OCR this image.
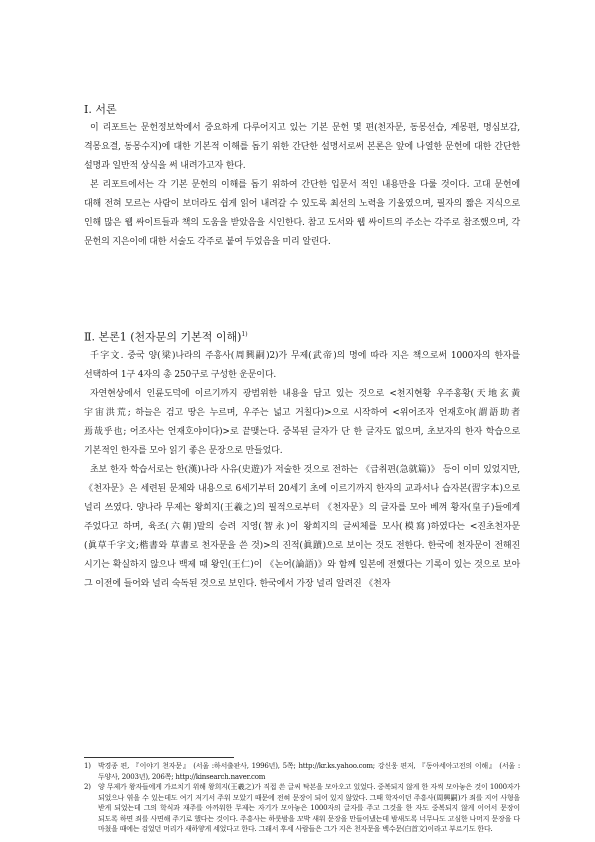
Ⅰ. 서론

이 리포트는 문헌정보학에서 중요하게 다루어지고 있는 기본 문헌 몇 편(천자문, 동몽선습, 계몽편, 명심보감, 격몽요결, 동몽수지)에 대한 기본적 이해를 돕기 위한 간단한 설명서로써 본론은 앞에 나열한 문헌에 대한 간단한 설명과 일반적 상식을 써 내려가고자 한다.

본 리포트에서는 각 기본 문헌의 이해를 돕기 위하여 간단한 입문서 적인 내용만을 다룰 것이다. 고대 문헌에 대해 전혀 모르는 사람이 보더라도 쉽게 읽어 내려갈 수 있도록 최선의 노력을 기울였으며, 필자의 짧은 지식으로 인해 많은 웹 싸이트들과 책의 도움을 받았음을 시인한다. 참고 도서와 웹 싸이트의 주소는 각주로 참조했으며, 각 문헌의 지은이에 대한 서술도 각주로 붙여 두었음을 미리 알린다.

Ⅱ. 본론1 (천자문의 기본적 이해)$^{1)}$

千字文. 중국 양(梁)나라의 주흥사(周興嗣)2)가 무제(武帝)의 명에 따라 지은 책으로써 1000자의 한자를 선택하여 1구 4자의 총 250구로 구성한 운문이다.

자연현상에서 인륜도덕에 이르기까지 광범위한 내용을 담고 있는 것으로 <천지현황 우주홍황(天地玄黃 宇宙洪荒; 하늘은 검고 땅은 누르며, 우주는 넓고 거칠다)>으로 시작하여 <위어조자 언재호야(謂語助者 焉哉乎也; 어조사는 언재호야이다)>로 끝맺는다. 중복된 글자가 단 한 글자도 없으며, 초보자의 한자 학습으로 기본적인 한자를 모아 읽기 좋은 문장으로 만들었다.

초보 한자 학습서로는 한(漢)나라 사유(史遊)가 저술한 것으로 전하는 《급취편(急就篇)》 등이 이미 있었지만, 《천자문》은 세련된 문체와 내용으로 6세기부터 20세기 초에 이르기까지 한자의 교과서나 습자본(習字本)으로 널리 쓰였다. 양나라 무제는 왕희지(王羲之)의 필적으로부터 《천자문》의 글자를 모아 베껴 황자(皇子)들에게 주었다고 하며, 육조(六朝)말의 승려 지영(智永)이 왕희지의 글씨체를 모사(模寫)하였다는 <진초천자문(眞草千字文;楷書와 草書로 천자문을 쓴 것)>의 진적(眞蹟)으로 보이는 것도 전한다. 한국에 천자문이 전해진 시기는 확실하지 않으나 백제 때 왕인(王仁)이 《논어(論語)》와 함께 일본에 전했다는 기록이 있는 것으로 보아 그 이전에 들어와 널리 숙독된 것으로 보인다. 한국에서 가장 널리 알려진 《천자

1)	박경종 편, 『이야기 천자문』 (서울 :하서출판사, 1996년), 5쪽; http://kr.ks.yahoo.com; 강신웅 편저, 『동아세아고전의 이해』 (서울 :두양사, 2003년), 206쪽; http://kinsearch.naver.com

2)	양 무제가 왕자들에게 가르치기 위해 왕희지(王羲之)가 직접 쓴 글씨 탁본을 모아오고 있었다. 중복되지 않게 한 자씩 모아놓은 것이 1000자가 되었으나 엮을 수 있는데도 여기 저기서 주워 모았기 때문에 전혀 문장이 되어 있지 않았다. 그때 학자이던 주흥사(周興嗣)가 죄를 지어 사형을 받게 되었는데 그의 학식과 재주를 아까워한 무제는 자기가 모아놓은 1000자의 글자를 주고 그것을 한 자도 중복되지 않게 이어서 문장이 되도록 하면 죄를 사면해 주기로 했다는 것이다. 주흥사는 하룻밤을 꼬박 새워 문장을 만들어냈는데 밤새도록 너무나도 고심한 나머지 문장을 다 마쳤을 때에는 검었던 머리가 새하얗게 세었다고 한다. 그래서 후세 사람들은 그가 지은 천자문을 백수문(白首文)이라고 부르기도 한다.
